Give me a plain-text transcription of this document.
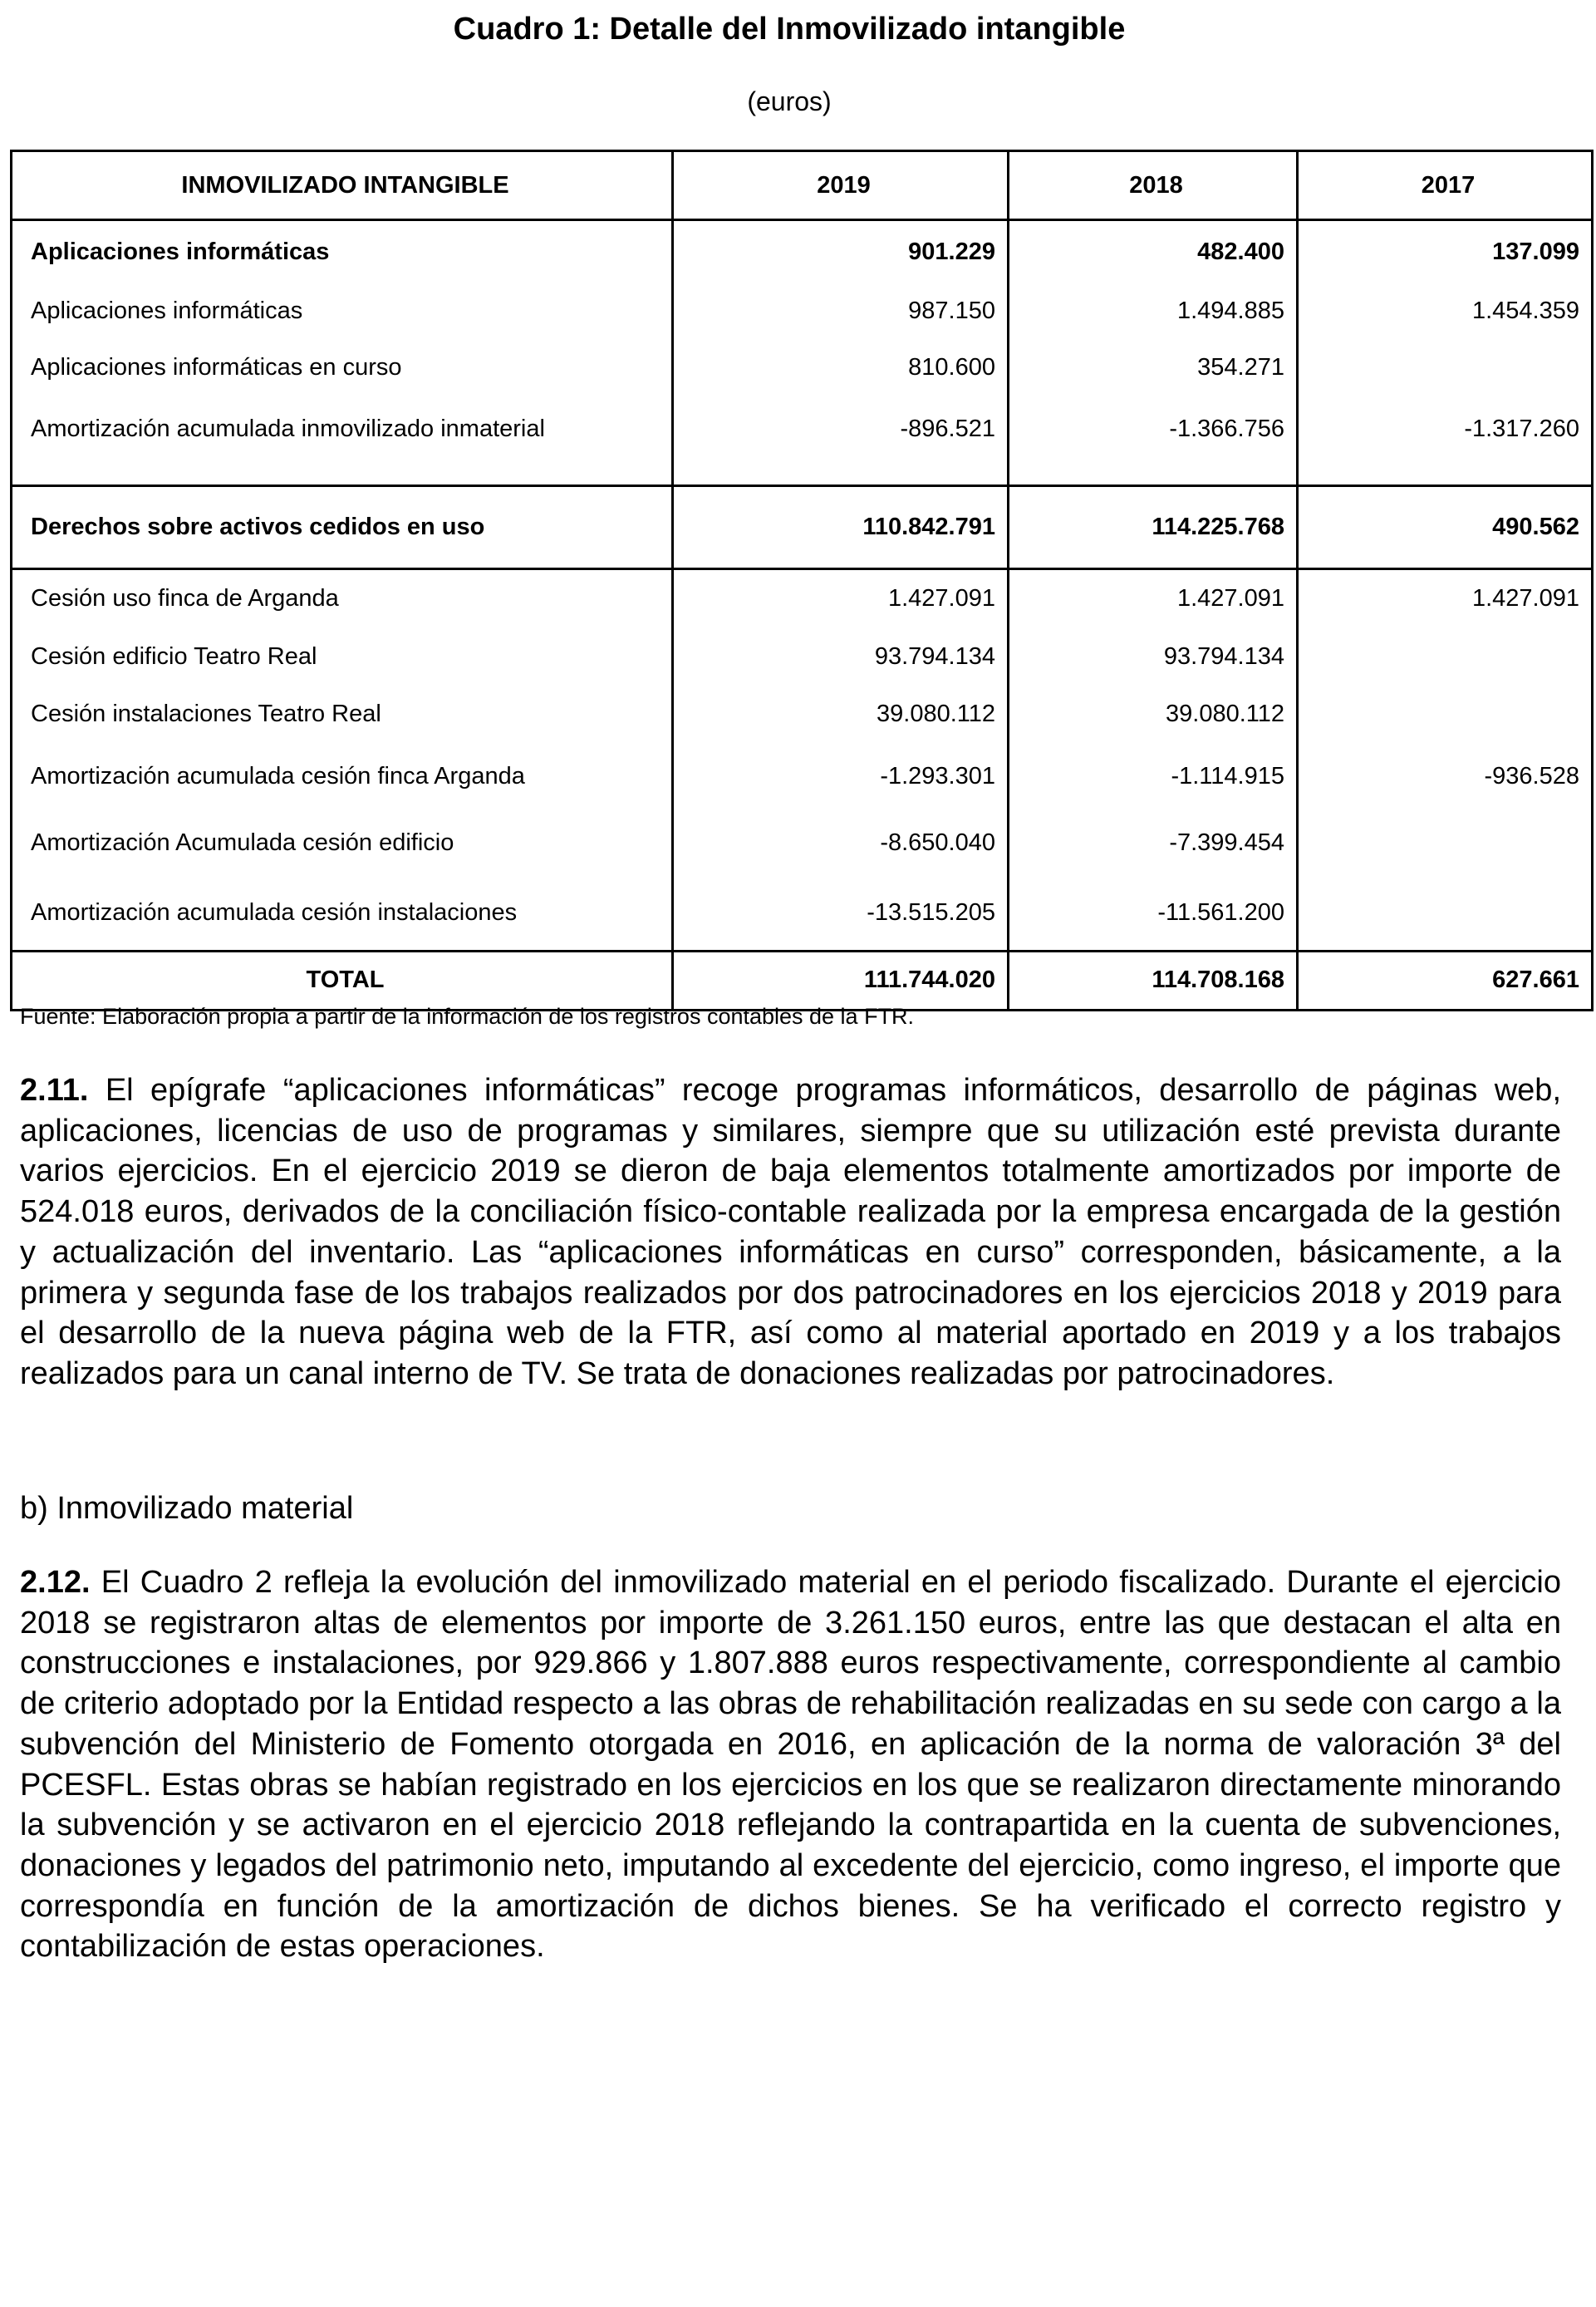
Cuadro 1: Detalle del Inmovilizado intangible
(euros)
INMOVILIZADO INTANGIBLE	2019	2018	2017
Aplicaciones informáticas	901.229	482.400	137.099
Aplicaciones informáticas	987.150	1.494.885	1.454.359
Aplicaciones informáticas en curso	810.600	354.271	
Amortización acumulada inmovilizado inmaterial	-896.521	-1.366.756	-1.317.260

Derechos sobre activos cedidos en uso	110.842.791	114.225.768	490.562
Cesión uso finca de Arganda	1.427.091	1.427.091	1.427.091
Cesión edificio Teatro Real	93.794.134	93.794.134	
Cesión instalaciones Teatro Real	39.080.112	39.080.112	
Amortización acumulada cesión finca Arganda	-1.293.301	-1.114.915	-936.528
Amortización Acumulada cesión edificio	-8.650.040	-7.399.454	
Amortización acumulada cesión instalaciones	-13.515.205	-11.561.200	
TOTAL	111.744.020	114.708.168	627.661
Fuente: Elaboración propia a partir de la información de los registros contables de la FTR.
2.11. El epígrafe “aplicaciones informáticas” recoge programas informáticos, desarrollo de páginas web, aplicaciones, licencias de uso de programas y similares, siempre que su utilización esté prevista durante varios ejercicios. En el ejercicio 2019 se dieron de baja elementos totalmente amortizados por importe de 524.018 euros, derivados de la conciliación físico-contable realizada por la empresa encargada de la gestión y actualización del inventario. Las “aplicaciones informáticas en curso” corresponden, básicamente, a la primera y segunda fase de los trabajos realizados por dos patrocinadores en los ejercicios 2018 y 2019 para el desarrollo de la nueva página web de la FTR, así como al material aportado en 2019 y a los trabajos realizados para un canal interno de TV. Se trata de donaciones realizadas por patrocinadores.
b) Inmovilizado material
2.12. El Cuadro 2 refleja la evolución del inmovilizado material en el periodo fiscalizado. Durante el ejercicio 2018 se registraron altas de elementos por importe de 3.261.150 euros, entre las que destacan el alta en construcciones e instalaciones, por 929.866 y 1.807.888 euros respectivamente, correspondiente al cambio de criterio adoptado por la Entidad respecto a las obras de rehabilitación realizadas en su sede con cargo a la subvención del Ministerio de Fomento otorgada en 2016, en aplicación de la norma de valoración 3ª del PCESFL. Estas obras se habían registrado en los ejercicios en los que se realizaron directamente minorando la subvención y se activaron en el ejercicio 2018 reflejando la contrapartida en la cuenta de subvenciones, donaciones y legados del patrimonio neto, imputando al excedente del ejercicio, como ingreso, el importe que correspondía en función de la amortización de dichos bienes. Se ha verificado el correcto registro y contabilización de estas operaciones.
